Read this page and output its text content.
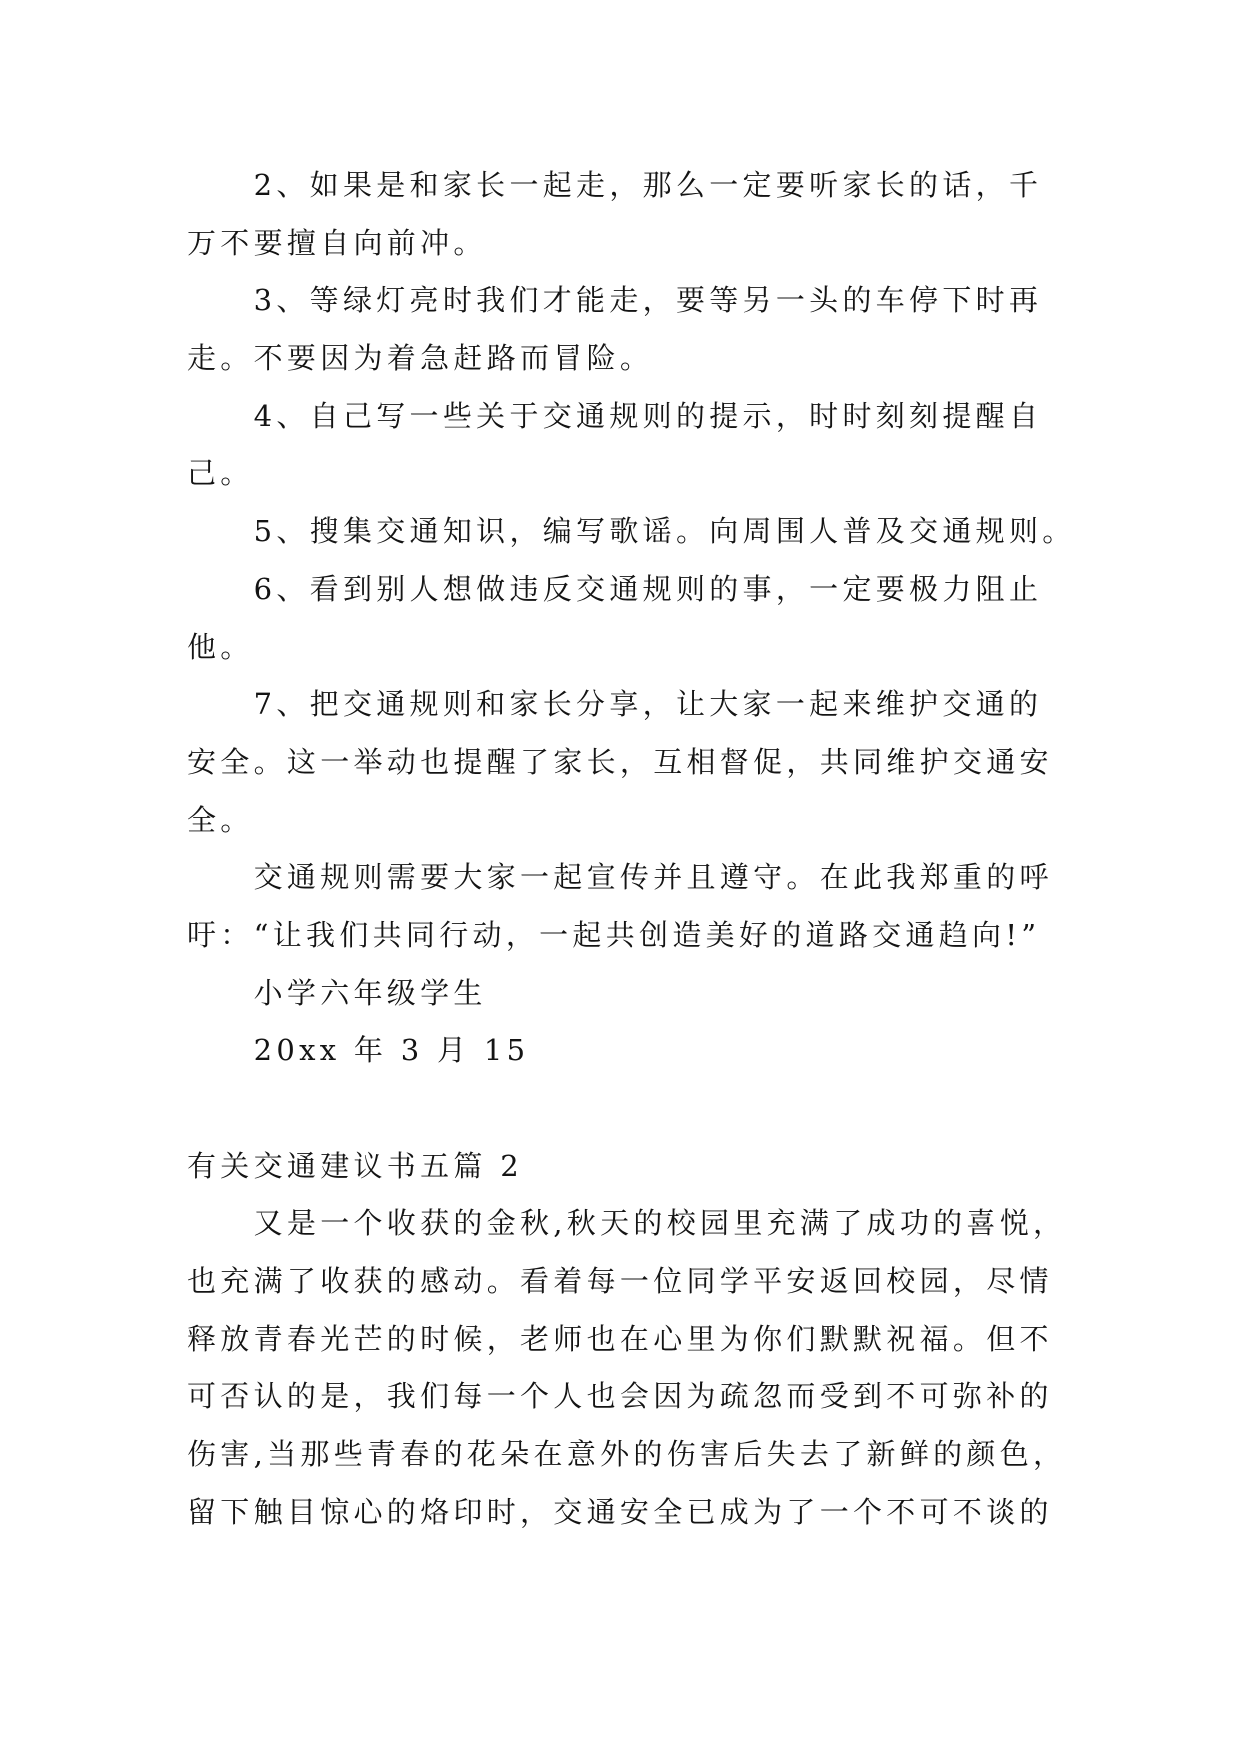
2、如果是和家长一起走，那么一定要听家长的话，千
万不要擅自向前冲。
3、等绿灯亮时我们才能走，要等另一头的车停下时再
走。不要因为着急赶路而冒险。
4、自己写一些关于交通规则的提示，时时刻刻提醒自
己。
5、搜集交通知识，编写歌谣。向周围人普及交通规则。
6、看到别人想做违反交通规则的事，一定要极力阻止
他。
7、把交通规则和家长分享，让大家一起来维护交通的
安全。这一举动也提醒了家长，互相督促，共同维护交通安
全。
交通规则需要大家一起宣传并且遵守。在此我郑重的呼
吁：“让我们共同行动，一起共创造美好的道路交通趋向!”
小学六年级学生
20xx 年 3 月 15
有关交通建议书五篇 2
又是一个收获的金秋,秋天的校园里充满了成功的喜悦，
也充满了收获的感动。看着每一位同学平安返回校园，尽情
释放青春光芒的时候，老师也在心里为你们默默祝福。但不
可否认的是，我们每一个人也会因为疏忽而受到不可弥补的
伤害,当那些青春的花朵在意外的伤害后失去了新鲜的颜色，
留下触目惊心的烙印时，交通安全已成为了一个不可不谈的
